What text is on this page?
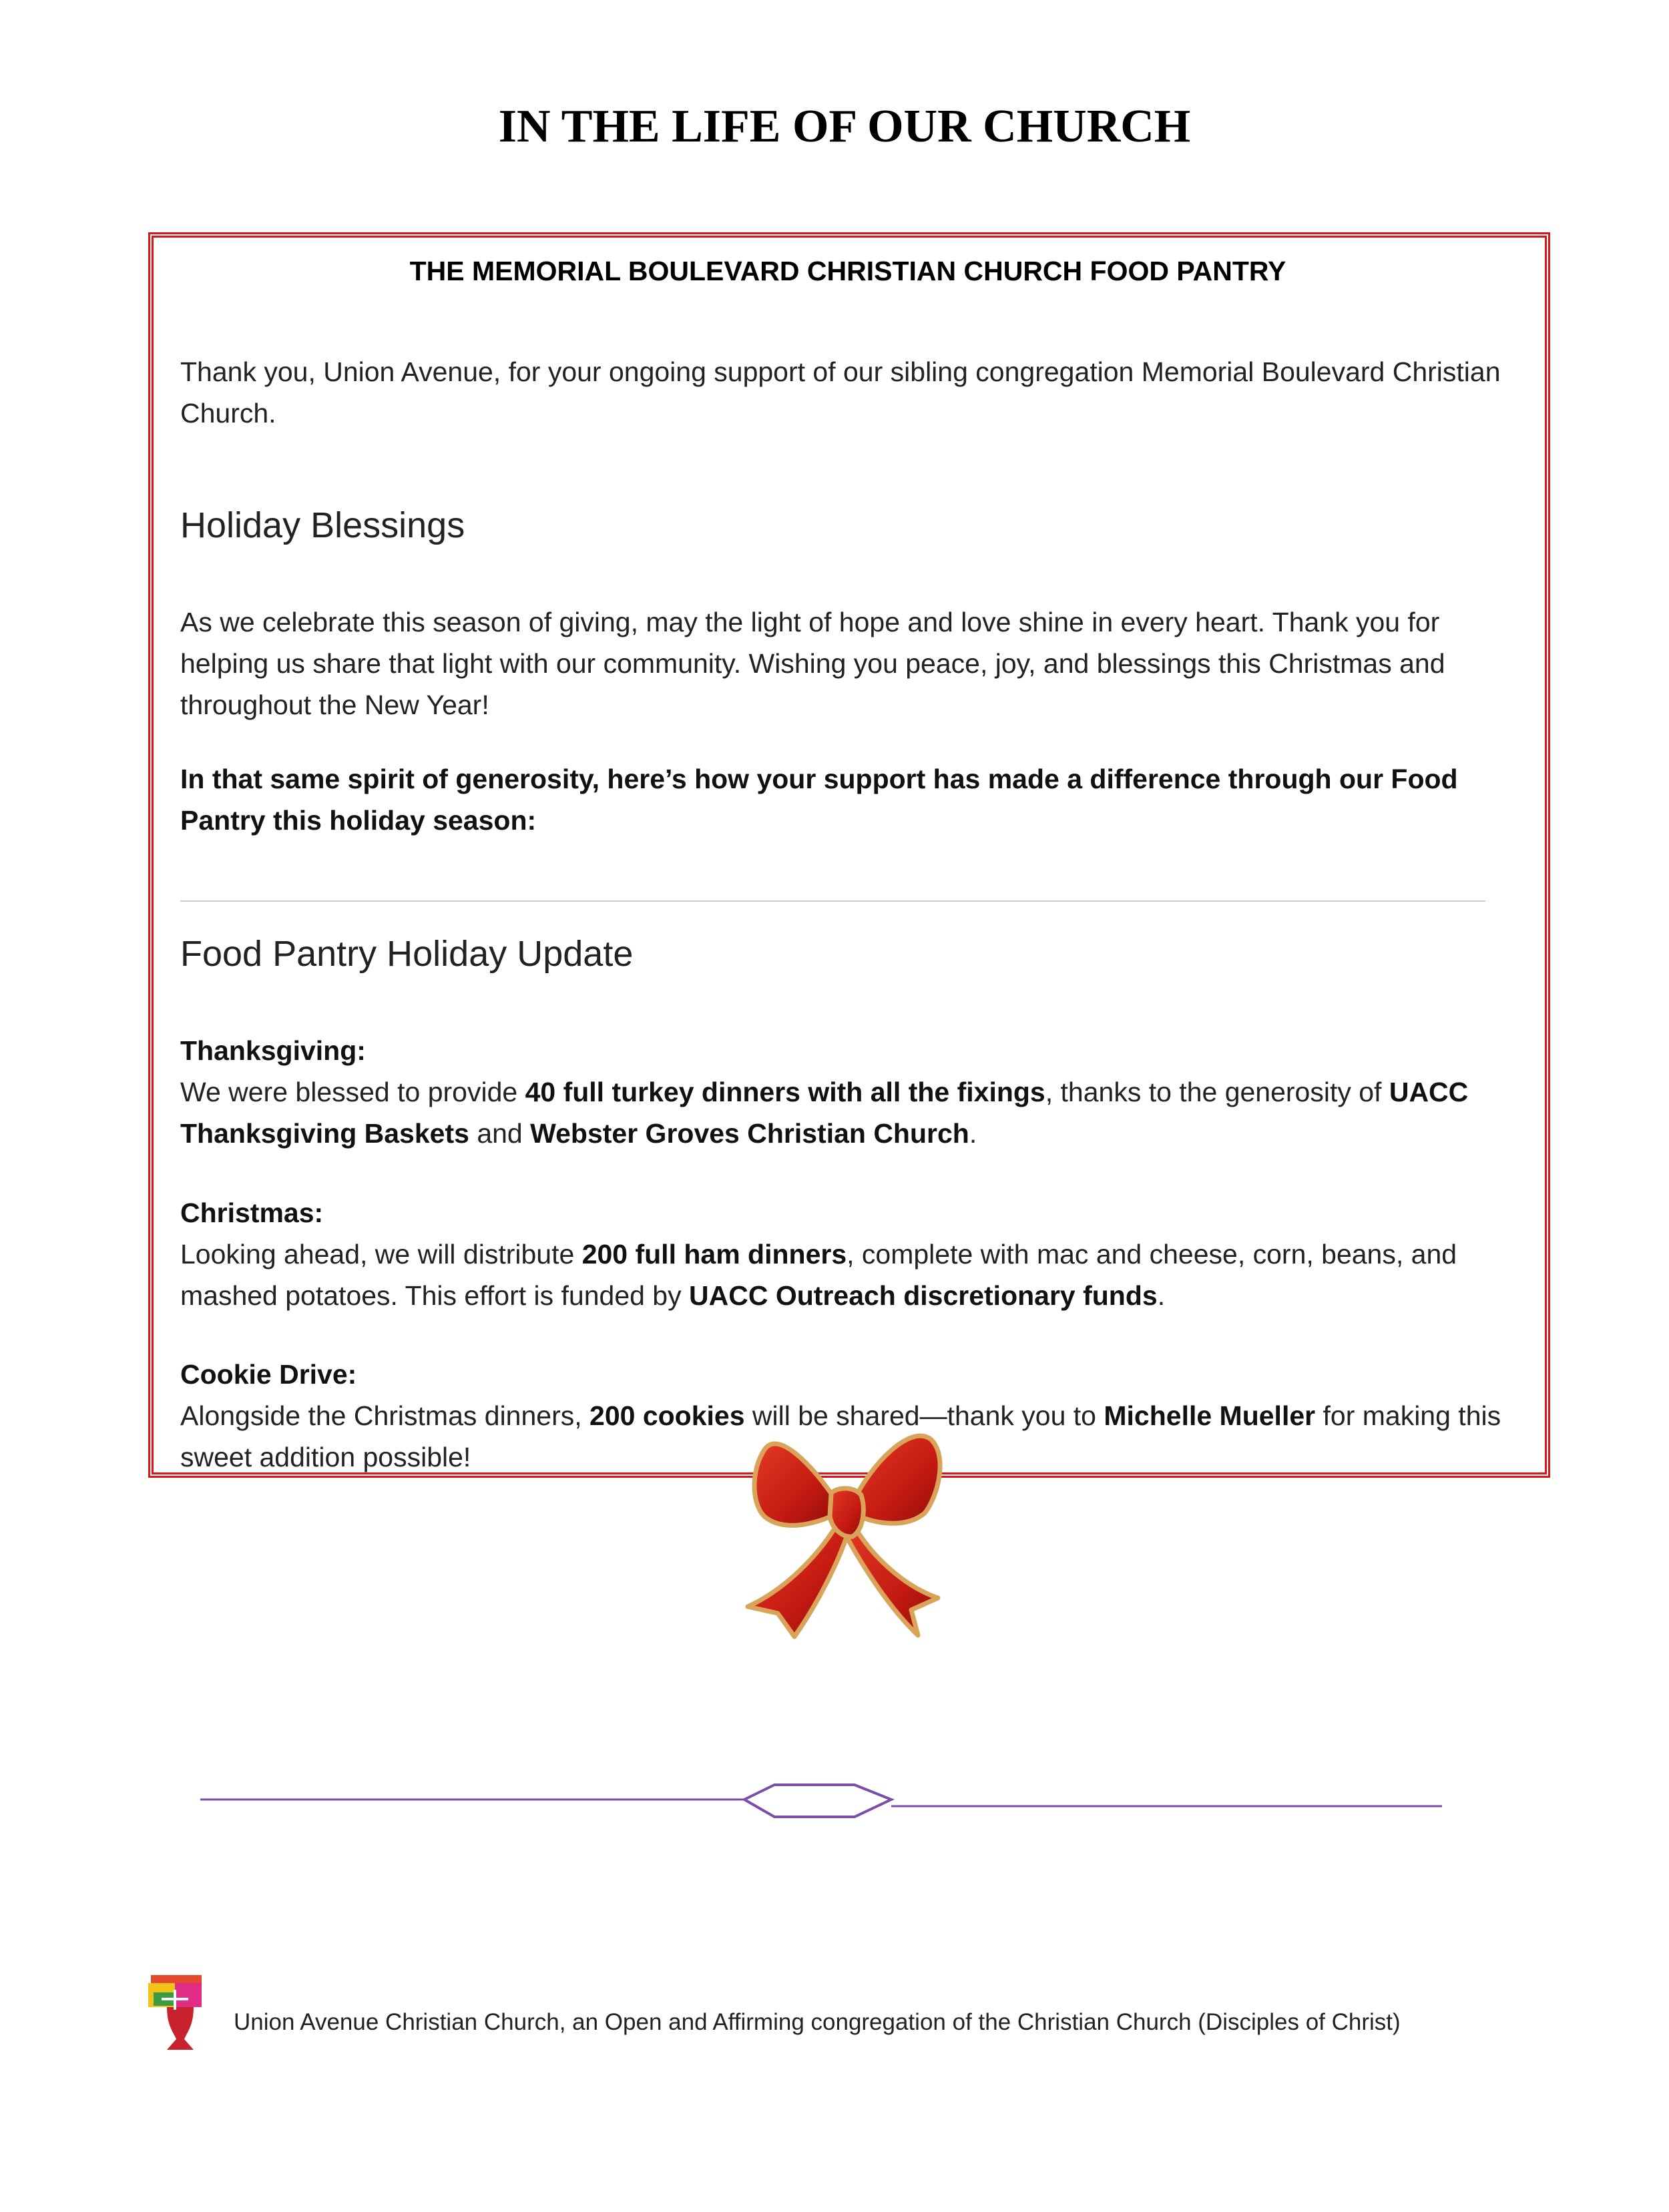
IN THE LIFE OF OUR CHURCH

THE MEMORIAL BOULEVARD CHRISTIAN CHURCH FOOD PANTRY

Thank you, Union Avenue, for your ongoing support of our sibling congregation Memorial Boulevard Christian Church.

Holiday Blessings

As we celebrate this season of giving, may the light of hope and love shine in every heart. Thank you for helping us share that light with our community. Wishing you peace, joy, and blessings this Christmas and throughout the New Year!

In that same spirit of generosity, here’s how your support has made a difference through our Food Pantry this holiday season:

Food Pantry Holiday Update

Thanksgiving:
We were blessed to provide 40 full turkey dinners with all the fixings, thanks to the generosity of UACC Thanksgiving Baskets and Webster Groves Christian Church.

Christmas:
Looking ahead, we will distribute 200 full ham dinners, complete with mac and cheese, corn, beans, and mashed potatoes. This effort is funded by UACC Outreach discretionary funds.

Cookie Drive:
Alongside the Christmas dinners, 200 cookies will be shared—thank you to Michelle Mueller for making this sweet addition possible!

Union Avenue Christian Church, an Open and Affirming congregation of the Christian Church (Disciples of Christ)
